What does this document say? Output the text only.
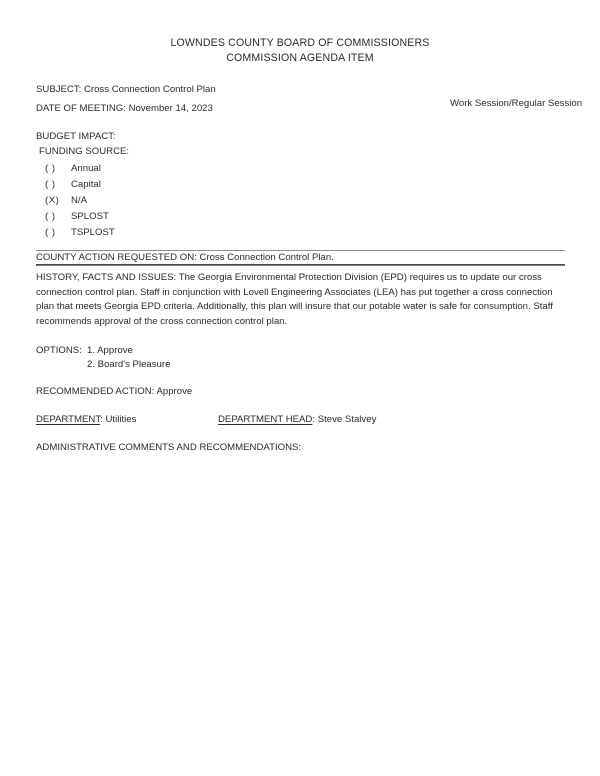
LOWNDES COUNTY BOARD OF COMMISSIONERS
COMMISSION AGENDA ITEM
SUBJECT: Cross Connection Control Plan
DATE OF MEETING: November 14, 2023	Work Session/Regular Session
BUDGET IMPACT:
FUNDING SOURCE:
( )	Annual
( )	Capital
(X)	N/A
( )	SPLOST
( )	TSPLOST
COUNTY ACTION REQUESTED ON: Cross Connection Control Plan.
HISTORY, FACTS AND ISSUES: The Georgia Environmental Protection Division (EPD) requires us to update our cross connection control plan. Staff in conjunction with Lovell Engineering Associates (LEA) has put together a cross connection plan that meets Georgia EPD criteria. Additionally, this plan will insure that our potable water is safe for consumption. Staff recommends approval of the cross connection control plan.
OPTIONS: 1. Approve
2. Board's Pleasure
RECOMMENDED ACTION: Approve
DEPARTMENT: Utilities	DEPARTMENT HEAD: Steve Stalvey
ADMINISTRATIVE COMMENTS AND RECOMMENDATIONS:
